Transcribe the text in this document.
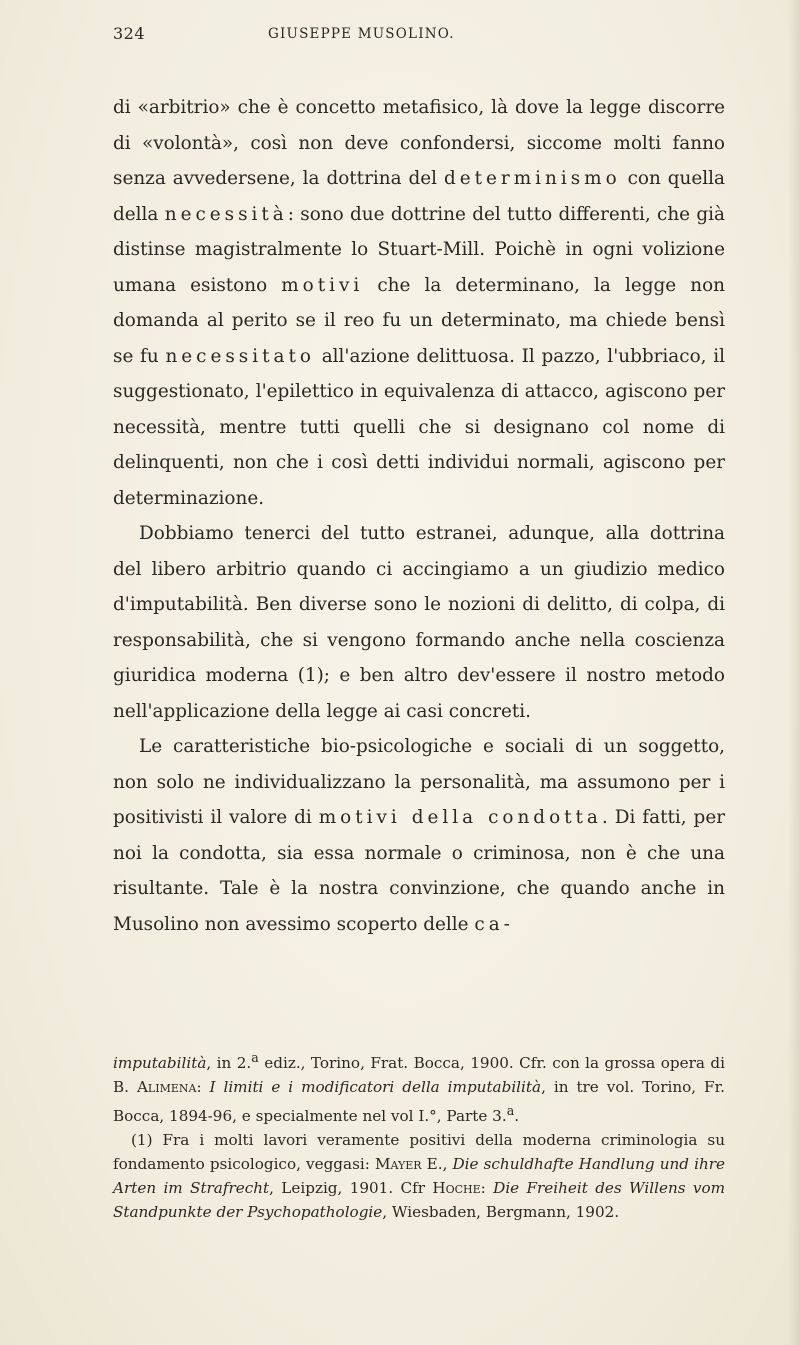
324	GIUSEPPE MUSOLINO.

di «arbitrio» che è concetto metafisico, là dove la legge discorre di «volontà», così non deve confondersi, siccome molti fanno senza avvedersene, la dottrina del determinismo con quella della necessità: sono due dottrine del tutto differenti, che già distinse magistralmente lo Stuart-Mill. Poichè in ogni volizione umana esistono motivi che la determinano, la legge non domanda al perito se il reo fu un determinato, ma chiede bensì se fu necessitato all'azione delittuosa. Il pazzo, l'ubbriaco, il suggestionato, l'epilettico in equivalenza di attacco, agiscono per necessità, mentre tutti quelli che si designano col nome di delinquenti, non che i così detti individui normali, agiscono per determinazione.

Dobbiamo tenerci del tutto estranei, adunque, alla dottrina del libero arbitrio quando ci accingiamo a un giudizio medico d'imputabilità. Ben diverse sono le nozioni di delitto, di colpa, di responsabilità, che si vengono formando anche nella coscienza giuridica moderna (1); e ben altro dev'essere il nostro metodo nell'applicazione della legge ai casi concreti.

Le caratteristiche bio-psicologiche e sociali di un soggetto, non solo ne individualizzano la personalità, ma assumono per i positivisti il valore di motivi della condotta. Di fatti, per noi la condotta, sia essa normale o criminosa, non è che una risultante. Tale è la nostra convinzione, che quando anche in Musolino non avessimo scoperto delle ca-

imputabilità, in 2.$^a$ ediz., Torino, Frat. Bocca, 1900. Cfr. con la grossa opera di B. Alimena: I limiti e i modificatori della imputabilità, in tre vol. Torino, Fr. Bocca, 1894-96, e specialmente nel vol I.°, Parte 3.$^a$.

(1) Fra i molti lavori veramente positivi della moderna criminologia su fondamento psicologico, veggasi: Mayer E., Die schuldhafte Handlung und ihre Arten im Strafrecht, Leipzig, 1901. Cfr Hoche: Die Freiheit des Willens vom Standpunkte der Psychopathologie, Wiesbaden, Bergmann, 1902.
